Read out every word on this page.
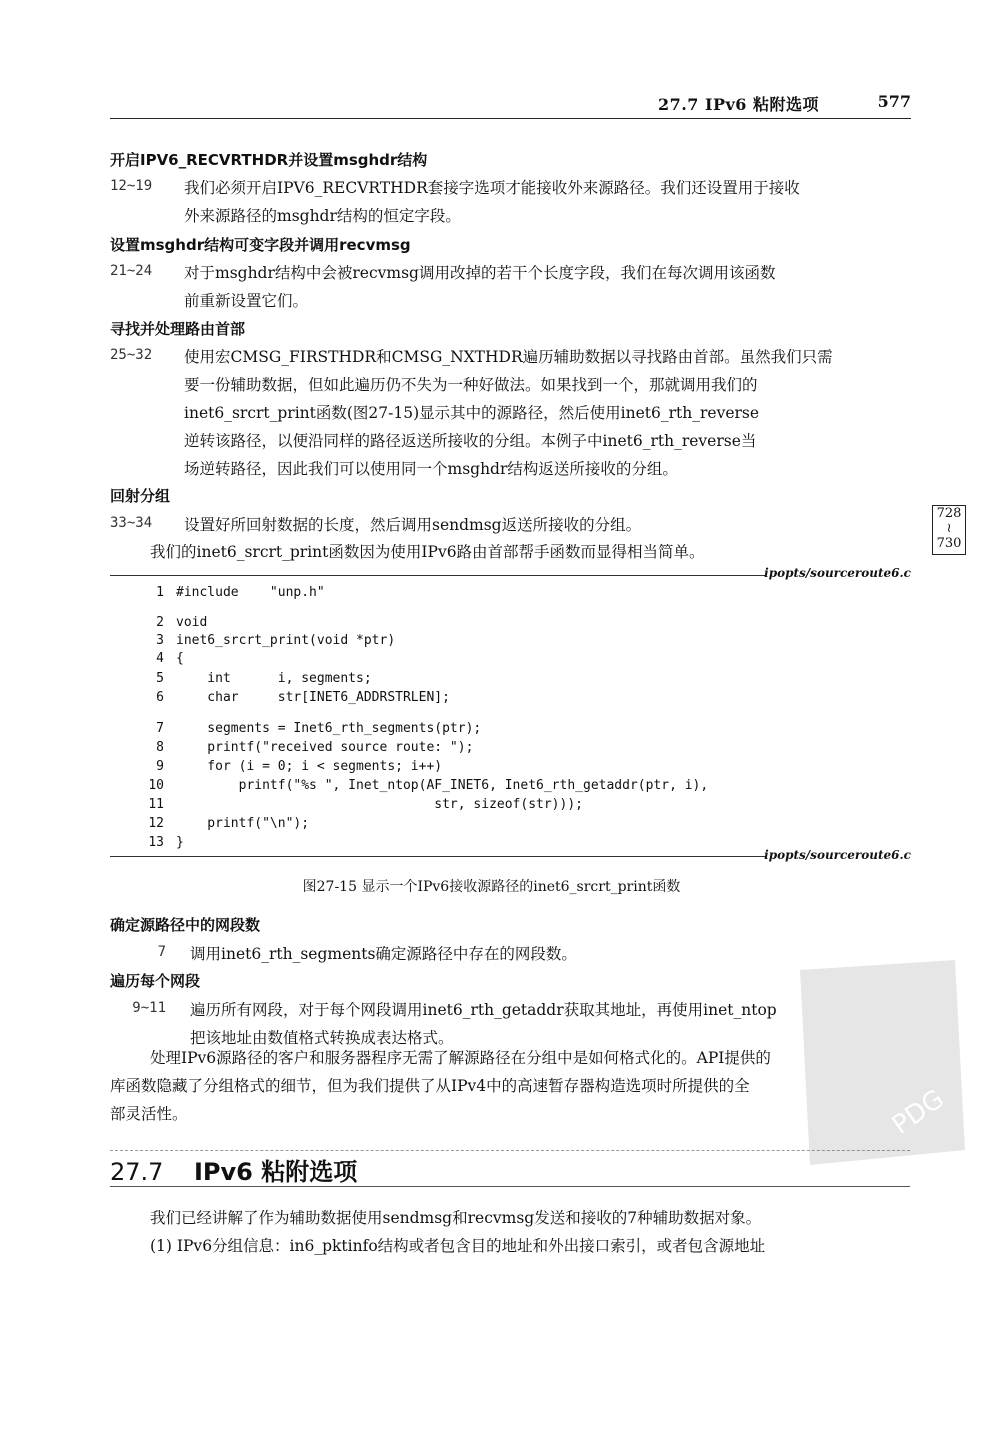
27.7 IPv6 粘附选项	577
开启IPV6_RECVRTHDR并设置msghdr结构
12~19	我们必须开启IPV6_RECVRTHDR套接字选项才能接收外来源路径。我们还设置用于接收
外来源路径的msghdr结构的恒定字段。
设置msghdr结构可变字段并调用recvmsg
21~24	对于msghdr结构中会被recvmsg调用改掉的若干个长度字段，我们在每次调用该函数
前重新设置它们。
寻找并处理路由首部
25~32	使用宏CMSG_FIRSTHDR和CMSG_NXTHDR遍历辅助数据以寻找路由首部。虽然我们只需
要一份辅助数据，但如此遍历仍不失为一种好做法。如果找到一个，那就调用我们的
inet6_srcrt_print函数(图27-15)显示其中的源路径，然后使用inet6_rth_reverse
逆转该路径，以便沿同样的路径返送所接收的分组。本例子中inet6_rth_reverse当
场逆转路径，因此我们可以使用同一个msghdr结构返送所接收的分组。
回射分组
33~34	设置好所回射数据的长度，然后调用sendmsg返送所接收的分组。
我们的inet6_srcrt_print函数因为使用IPv6路由首部帮手函数而显得相当简单。
728
≀
730
ipopts/sourceroute6.c
1 #include    "unp.h"
2 void
3 inet6_srcrt_print(void *ptr)
4 {
5    int      i, segments;
6    char     str[INET6_ADDRSTRLEN];
7    segments = Inet6_rth_segments(ptr);
8    printf("received source route: ");
9    for (i = 0; i < segments; i++)
10        printf("%s ", Inet_ntop(AF_INET6, Inet6_rth_getaddr(ptr, i),
11                                 str, sizeof(str)));
12    printf("\n");
13 }
ipopts/sourceroute6.c
图27-15 显示一个IPv6接收源路径的inet6_srcrt_print函数
确定源路径中的网段数
7 调用inet6_rth_segments确定源路径中存在的网段数。
遍历每个网段
9~11 遍历所有网段，对于每个网段调用inet6_rth_getaddr获取其地址，再使用inet_ntop
把该地址由数值格式转换成表达格式。
处理IPv6源路径的客户和服务器程序无需了解源路径在分组中是如何格式化的。API提供的
库函数隐藏了分组格式的细节，但为我们提供了从IPv4中的高速暂存器构造选项时所提供的全
部灵活性。
27.7 IPv6 粘附选项
我们已经讲解了作为辅助数据使用sendmsg和recvmsg发送和接收的7种辅助数据对象。
(1) IPv6分组信息：in6_pktinfo结构或者包含目的地址和外出接口索引，或者包含源地址
PDG
